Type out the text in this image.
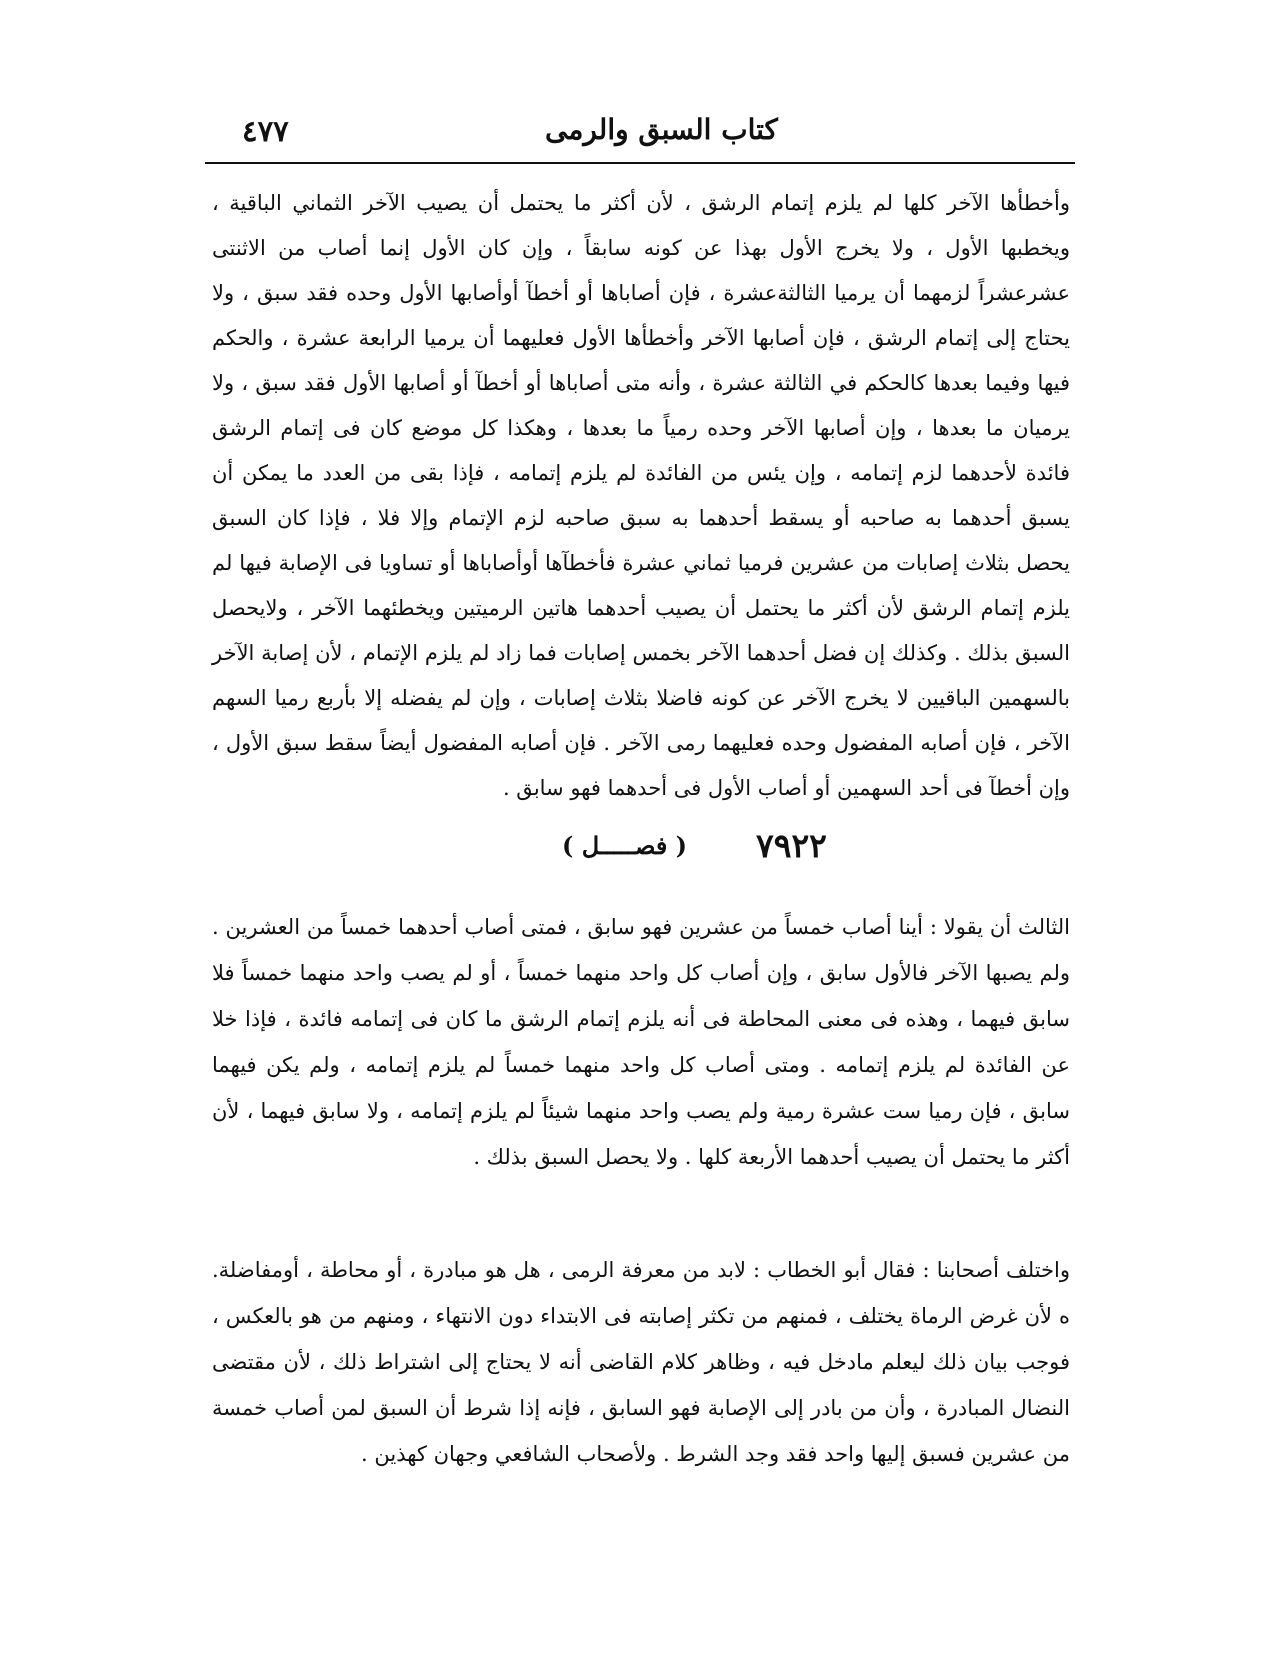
٤٧٧	كتاب السبق والرمى
وأخطأها الآخر كلها لم يلزم إتمام الرشق ، لأن أكثر ما يحتمل أن يصيب الآخر الثماني الباقية ، ويخطبها الأول ، ولا يخرج الأول بهذا عن كونه سابقاً ، وإن كان الأول إنما أصاب من الاثنتى عشرعشراً لزمهما أن يرميا الثالثةعشرة ، فإن أصاباها أو أخطآ أوأصابها الأول وحده فقد سبق ، ولا يحتاج إلى إتمام الرشق ، فإن أصابها الآخر وأخطأها الأول فعليهما أن يرميا الرابعة عشرة ، والحكم فيها وفيما بعدها كالحكم في الثالثة عشرة ، وأنه متى أصاباها أو أخطآ أو أصابها الأول فقد سبق ، ولا يرميان ما بعدها ، وإن أصابها الآخر وحده رمياً ما بعدها ، وهكذا كل موضع كان فى إتمام الرشق فائدة لأحدهما لزم إتمامه ، وإن يئس من الفائدة لم يلزم إتمامه ، فإذا بقى من العدد ما يمكن أن يسبق أحدهما به صاحبه أو يسقط أحدهما به سبق صاحبه لزم الإتمام وإلا فلا ، فإذا كان السبق يحصل بثلاث إصابات من عشرين فرميا ثماني عشرة فأخطآها أوأصاباها أو تساويا فى الإصابة فيها لم يلزم إتمام الرشق لأن أكثر ما يحتمل أن يصيب أحدهما هاتين الرميتين ويخطئهما الآخر ، ولايحصل السبق بذلك . وكذلك إن فضل أحدهما الآخر بخمس إصابات فما زاد لم يلزم الإتمام ، لأن إصابة الآخر بالسهمين الباقيين لا يخرج الآخر عن كونه فاضلا بثلاث إصابات ، وإن لم يفضله إلا بأربع رميا السهم الآخر ، فإن أصابه المفضول وحده فعليهما رمى الآخر . فإن أصابه المفضول أيضاً سقط سبق الأول ، وإن أخطآ فى أحد السهمين أو أصاب الأول فى أحدهما فهو سابق .
٧٩٢٢
( فصـــــل )
الثالث أن يقولا : أينا أصاب خمساً من عشرين فهو سابق ، فمتى أصاب أحدهما خمساً من العشرين . ولم يصبها الآخر فالأول سابق ، وإن أصاب كل واحد منهما خمساً ، أو لم يصب واحد منهما خمساً فلا سابق فيهما ، وهذه فى معنى المحاطة فى أنه يلزم إتمام الرشق ما كان فى إتمامه فائدة ، فإذا خلا عن الفائدة لم يلزم إتمامه . ومتى أصاب كل واحد منهما خمساً لم يلزم إتمامه ، ولم يكن فيهما سابق ، فإن رميا ست عشرة رمية ولم يصب واحد منهما شيئاً لم يلزم إتمامه ، ولا سابق فيهما ، لأن أكثر ما يحتمل أن يصيب أحدهما الأربعة كلها . ولا يحصل السبق بذلك .
واختلف أصحابنا : فقال أبو الخطاب : لابد من معرفة الرمى ، هل هو مبادرة ، أو محاطة ، أومفاضلة. ه لأن غرض الرماة يختلف ، فمنهم من تكثر إصابته فى الابتداء دون الانتهاء ، ومنهم من هو بالعكس ، فوجب بيان ذلك ليعلم مادخل فيه ، وظاهر كلام القاضى أنه لا يحتاج إلى اشتراط ذلك ، لأن مقتضى النضال المبادرة ، وأن من بادر إلى الإصابة فهو السابق ، فإنه إذا شرط أن السبق لمن أصاب خمسة من عشرين فسبق إليها واحد فقد وجد الشرط . ولأصحاب الشافعي وجهان كهذين .
